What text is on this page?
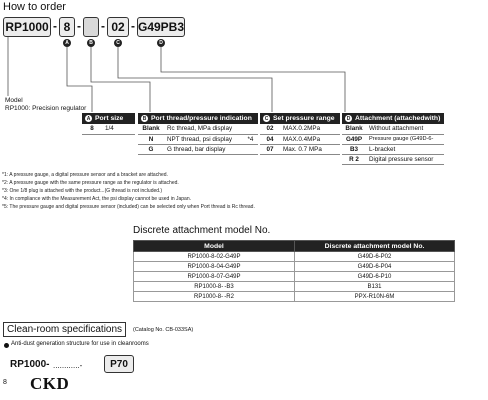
How to order
RP1000 - 8 - - 02 - G49PB3
A	B	C	D
Model
RP1000: Precision regulator
A Port size
8	1/4
B Port thread/pressure indication
Blank	Rc thread, MPa display	
N	NPT thread, psi display	*4
G	G thread, bar display	
C Set pressure range
02	MAX.0.2MPa
04	MAX.0.4MPa
07	Max. 0.7 MPa
D Attachment (attachedwith)
Blank	Without attachment
G49P	Pressure gauge (G49D-6-
B3	L-bracket
R 2	Digital pressure sensor
*1: A pressure gauge, a digital pressure sensor and a bracket are attached.
*2: A pressure gauge with the same pressure range as the regulator is attached.
*3: One 1/8 plug is attached with the product...(G thread is not included.)
*4: In compliance with the Measurement Act, the psi display cannot be used in Japan.
*5: The pressure gauge and digital pressure sensor (included) can be selected only when Port thread is Rc thread.
Discrete attachment model No.
Model	Discrete attachment model No.
RP1000-8-02-G49P	G49D-6-P02
RP1000-8-04-G49P	G49D-6-P04
RP1000-8-07-G49P	G49D-6-P10
RP1000-8- -B3	B131
RP1000-8- -R2	PPX-R10N-6M
Clean-room specifications	(Catalog No. CB-033SA)
Anti-dust generation structure for use in cleanrooms
RP1000- ............-	P70
8 CKD
